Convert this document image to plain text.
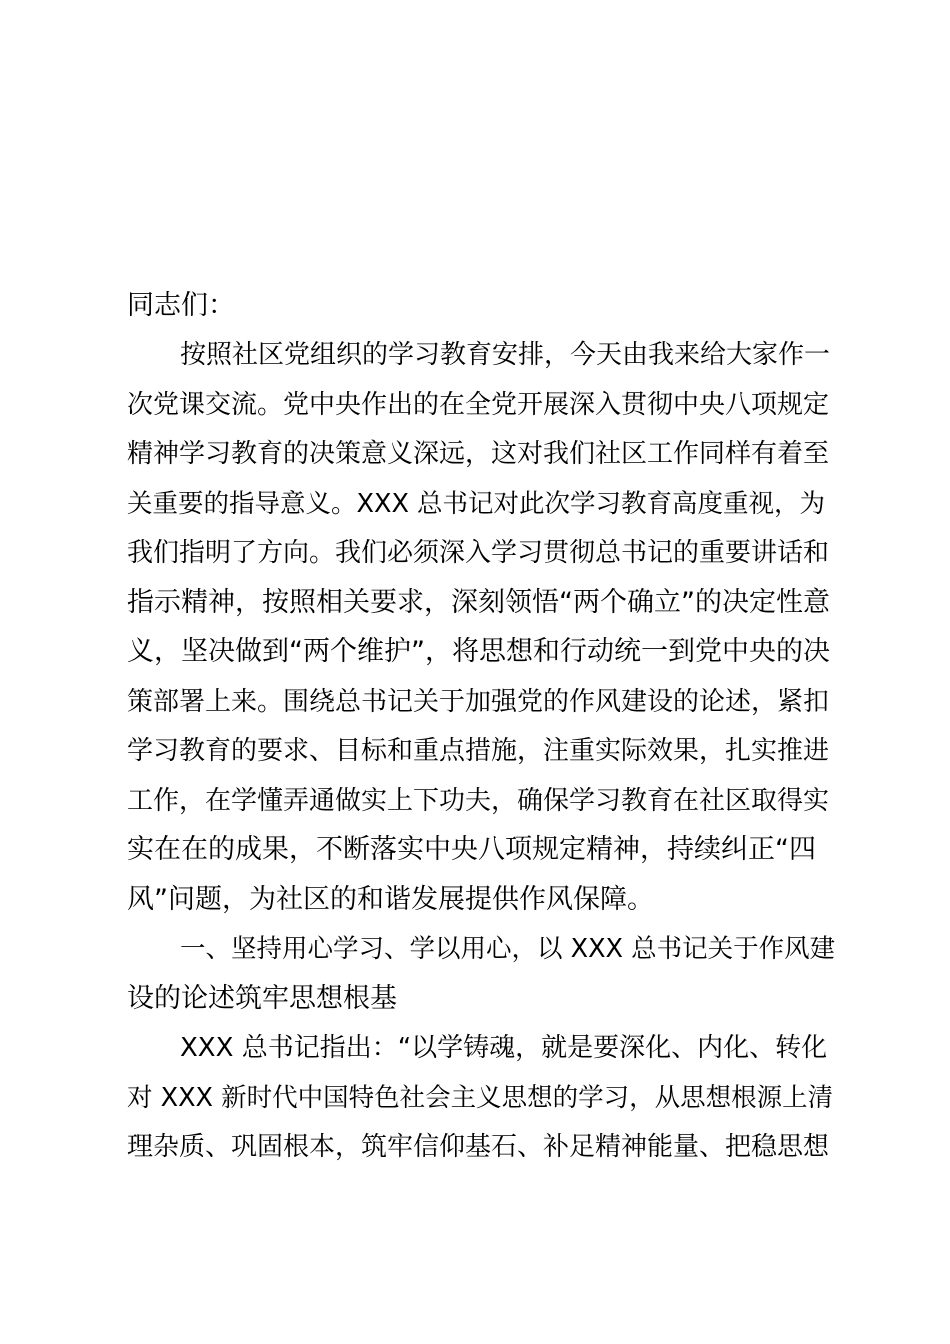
同志们：
按照社区党组织的学习教育安排，今天由我来给大家作一
次党课交流。党中央作出的在全党开展深入贯彻中央八项规定
精神学习教育的决策意义深远，这对我们社区工作同样有着至
关重要的指导意义。XXX 总书记对此次学习教育高度重视，为
我们指明了方向。我们必须深入学习贯彻总书记的重要讲话和
指示精神，按照相关要求，深刻领悟“两个确立”的决定性意
义，坚决做到“两个维护”，将思想和行动统一到党中央的决
策部署上来。围绕总书记关于加强党的作风建设的论述，紧扣
学习教育的要求、目标和重点措施，注重实际效果，扎实推进
工作，在学懂弄通做实上下功夫，确保学习教育在社区取得实
实在在的成果，不断落实中央八项规定精神，持续纠正“四
风”问题，为社区的和谐发展提供作风保障。
一、坚持用心学习、学以用心，以 XXX 总书记关于作风建
设的论述筑牢思想根基
XXX 总书记指出：“以学铸魂，就是要深化、内化、转化
对 XXX 新时代中国特色社会主义思想的学习，从思想根源上清
理杂质、巩固根本，筑牢信仰基石、补足精神能量、把稳思想
